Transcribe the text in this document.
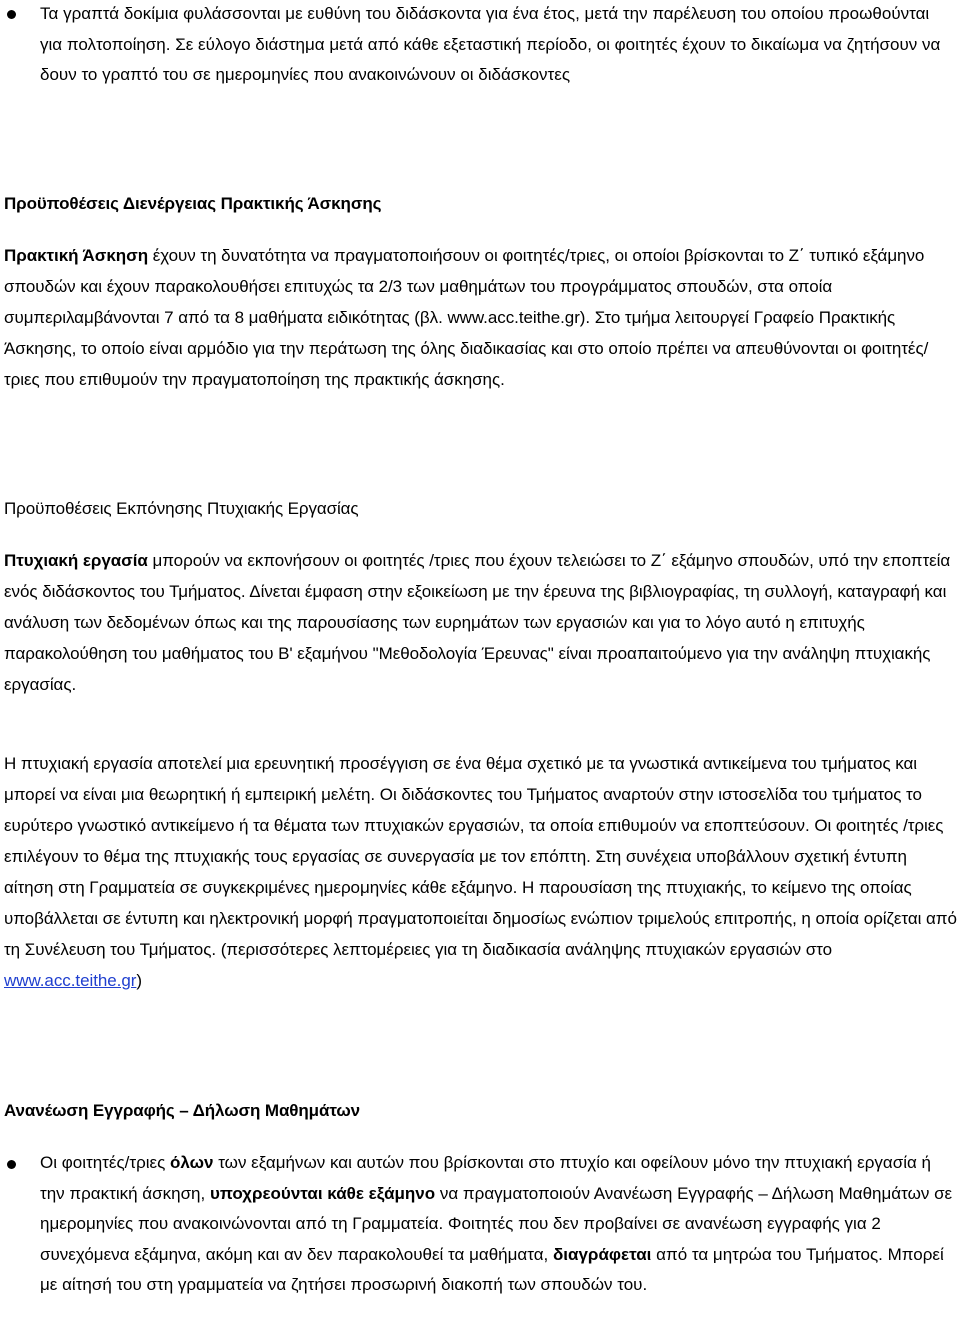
Τα γραπτά δοκίμια φυλάσσονται με ευθύνη του διδάσκοντα για ένα έτος, μετά την παρέλευση του οποίου προωθούνται για πολτοποίηση. Σε εύλογο διάστημα μετά από κάθε εξεταστική περίοδο, οι φοιτητές έχουν το δικαίωμα να ζητήσουν να δουν το γραπτό του σε ημερομηνίες που ανακοινώνουν οι διδάσκοντες
Προϋποθέσεις Διενέργειας Πρακτικής Άσκησης
Πρακτική Άσκηση έχουν τη δυνατότητα να πραγματοποιήσουν οι φοιτητές/τριες, οι οποίοι βρίσκονται το Ζ΄ τυπικό εξάμηνο σπουδών και έχουν παρακολουθήσει επιτυχώς τα 2/3 των μαθημάτων του προγράμματος σπουδών, στα οποία συμπεριλαμβάνονται 7 από τα 8 μαθήματα ειδικότητας (βλ. www.acc.teithe.gr). Στο τμήμα λειτουργεί Γραφείο Πρακτικής Άσκησης, το οποίο είναι αρμόδιο για την περάτωση της όλης διαδικασίας και στο οποίο πρέπει να απευθύνονται οι φοιτητές/τριες που επιθυμούν την πραγματοποίηση της πρακτικής άσκησης.
Προϋποθέσεις Εκπόνησης Πτυχιακής Εργασίας
Πτυχιακή εργασία μπορούν να εκπονήσουν οι φοιτητές /τριες που έχουν τελειώσει το Ζ΄ εξάμηνο σπουδών, υπό την εποπτεία ενός διδάσκοντος του Τμήματος. Δίνεται έμφαση στην εξοικείωση με την έρευνα της βιβλιογραφίας, τη συλλογή, καταγραφή και ανάλυση των δεδομένων όπως και της παρουσίασης των ευρημάτων των εργασιών και για το λόγο αυτό η επιτυχής παρακολούθηση του μαθήματος του B' εξαμήνου "Μεθοδολογία Έρευνας" είναι προαπαιτούμενο για την ανάληψη πτυχιακής εργασίας.
Η πτυχιακή εργασία αποτελεί μια ερευνητική προσέγγιση σε ένα θέμα σχετικό με τα γνωστικά αντικείμενα του τμήματος και μπορεί να είναι μια θεωρητική ή εμπειρική μελέτη. Οι διδάσκοντες του Τμήματος αναρτούν στην ιστοσελίδα του τμήματος το ευρύτερο γνωστικό αντικείμενο ή τα θέματα των πτυχιακών εργασιών, τα οποία επιθυμούν να εποπτεύσουν. Οι φοιτητές /τριες επιλέγουν το θέμα της πτυχιακής τους εργασίας σε συνεργασία με τον επόπτη. Στη συνέχεια υποβάλλουν σχετική έντυπη αίτηση στη Γραμματεία σε συγκεκριμένες ημερομηνίες κάθε εξάμηνο. Η παρουσίαση της πτυχιακής, το κείμενο της οποίας υποβάλλεται σε έντυπη και ηλεκτρονική μορφή πραγματοποιείται δημοσίως ενώπιον τριμελούς επιτροπής, η οποία ορίζεται από τη Συνέλευση του Τμήματος. (περισσότερες λεπτομέρειες για τη διαδικασία ανάληψης πτυχιακών εργασιών στο www.acc.teithe.gr)
Ανανέωση Εγγραφής – Δήλωση Μαθημάτων
Οι φοιτητές/τριες όλων των εξαμήνων και αυτών που βρίσκονται στο πτυχίο και οφείλουν μόνο την πτυχιακή εργασία ή την πρακτική άσκηση, υποχρεούνται κάθε εξάμηνο να πραγματοποιούν Ανανέωση Εγγραφής – Δήλωση Μαθημάτων σε ημερομηνίες που ανακοινώνονται από τη Γραμματεία. Φοιτητές που δεν προβαίνει σε ανανέωση εγγραφής για 2 συνεχόμενα εξάμηνα, ακόμη και αν δεν παρακολουθεί τα μαθήματα, διαγράφεται από τα μητρώα του Τμήματος. Μπορεί με αίτησή του στη γραμματεία να ζητήσει προσωρινή διακοπή των σπουδών του.
